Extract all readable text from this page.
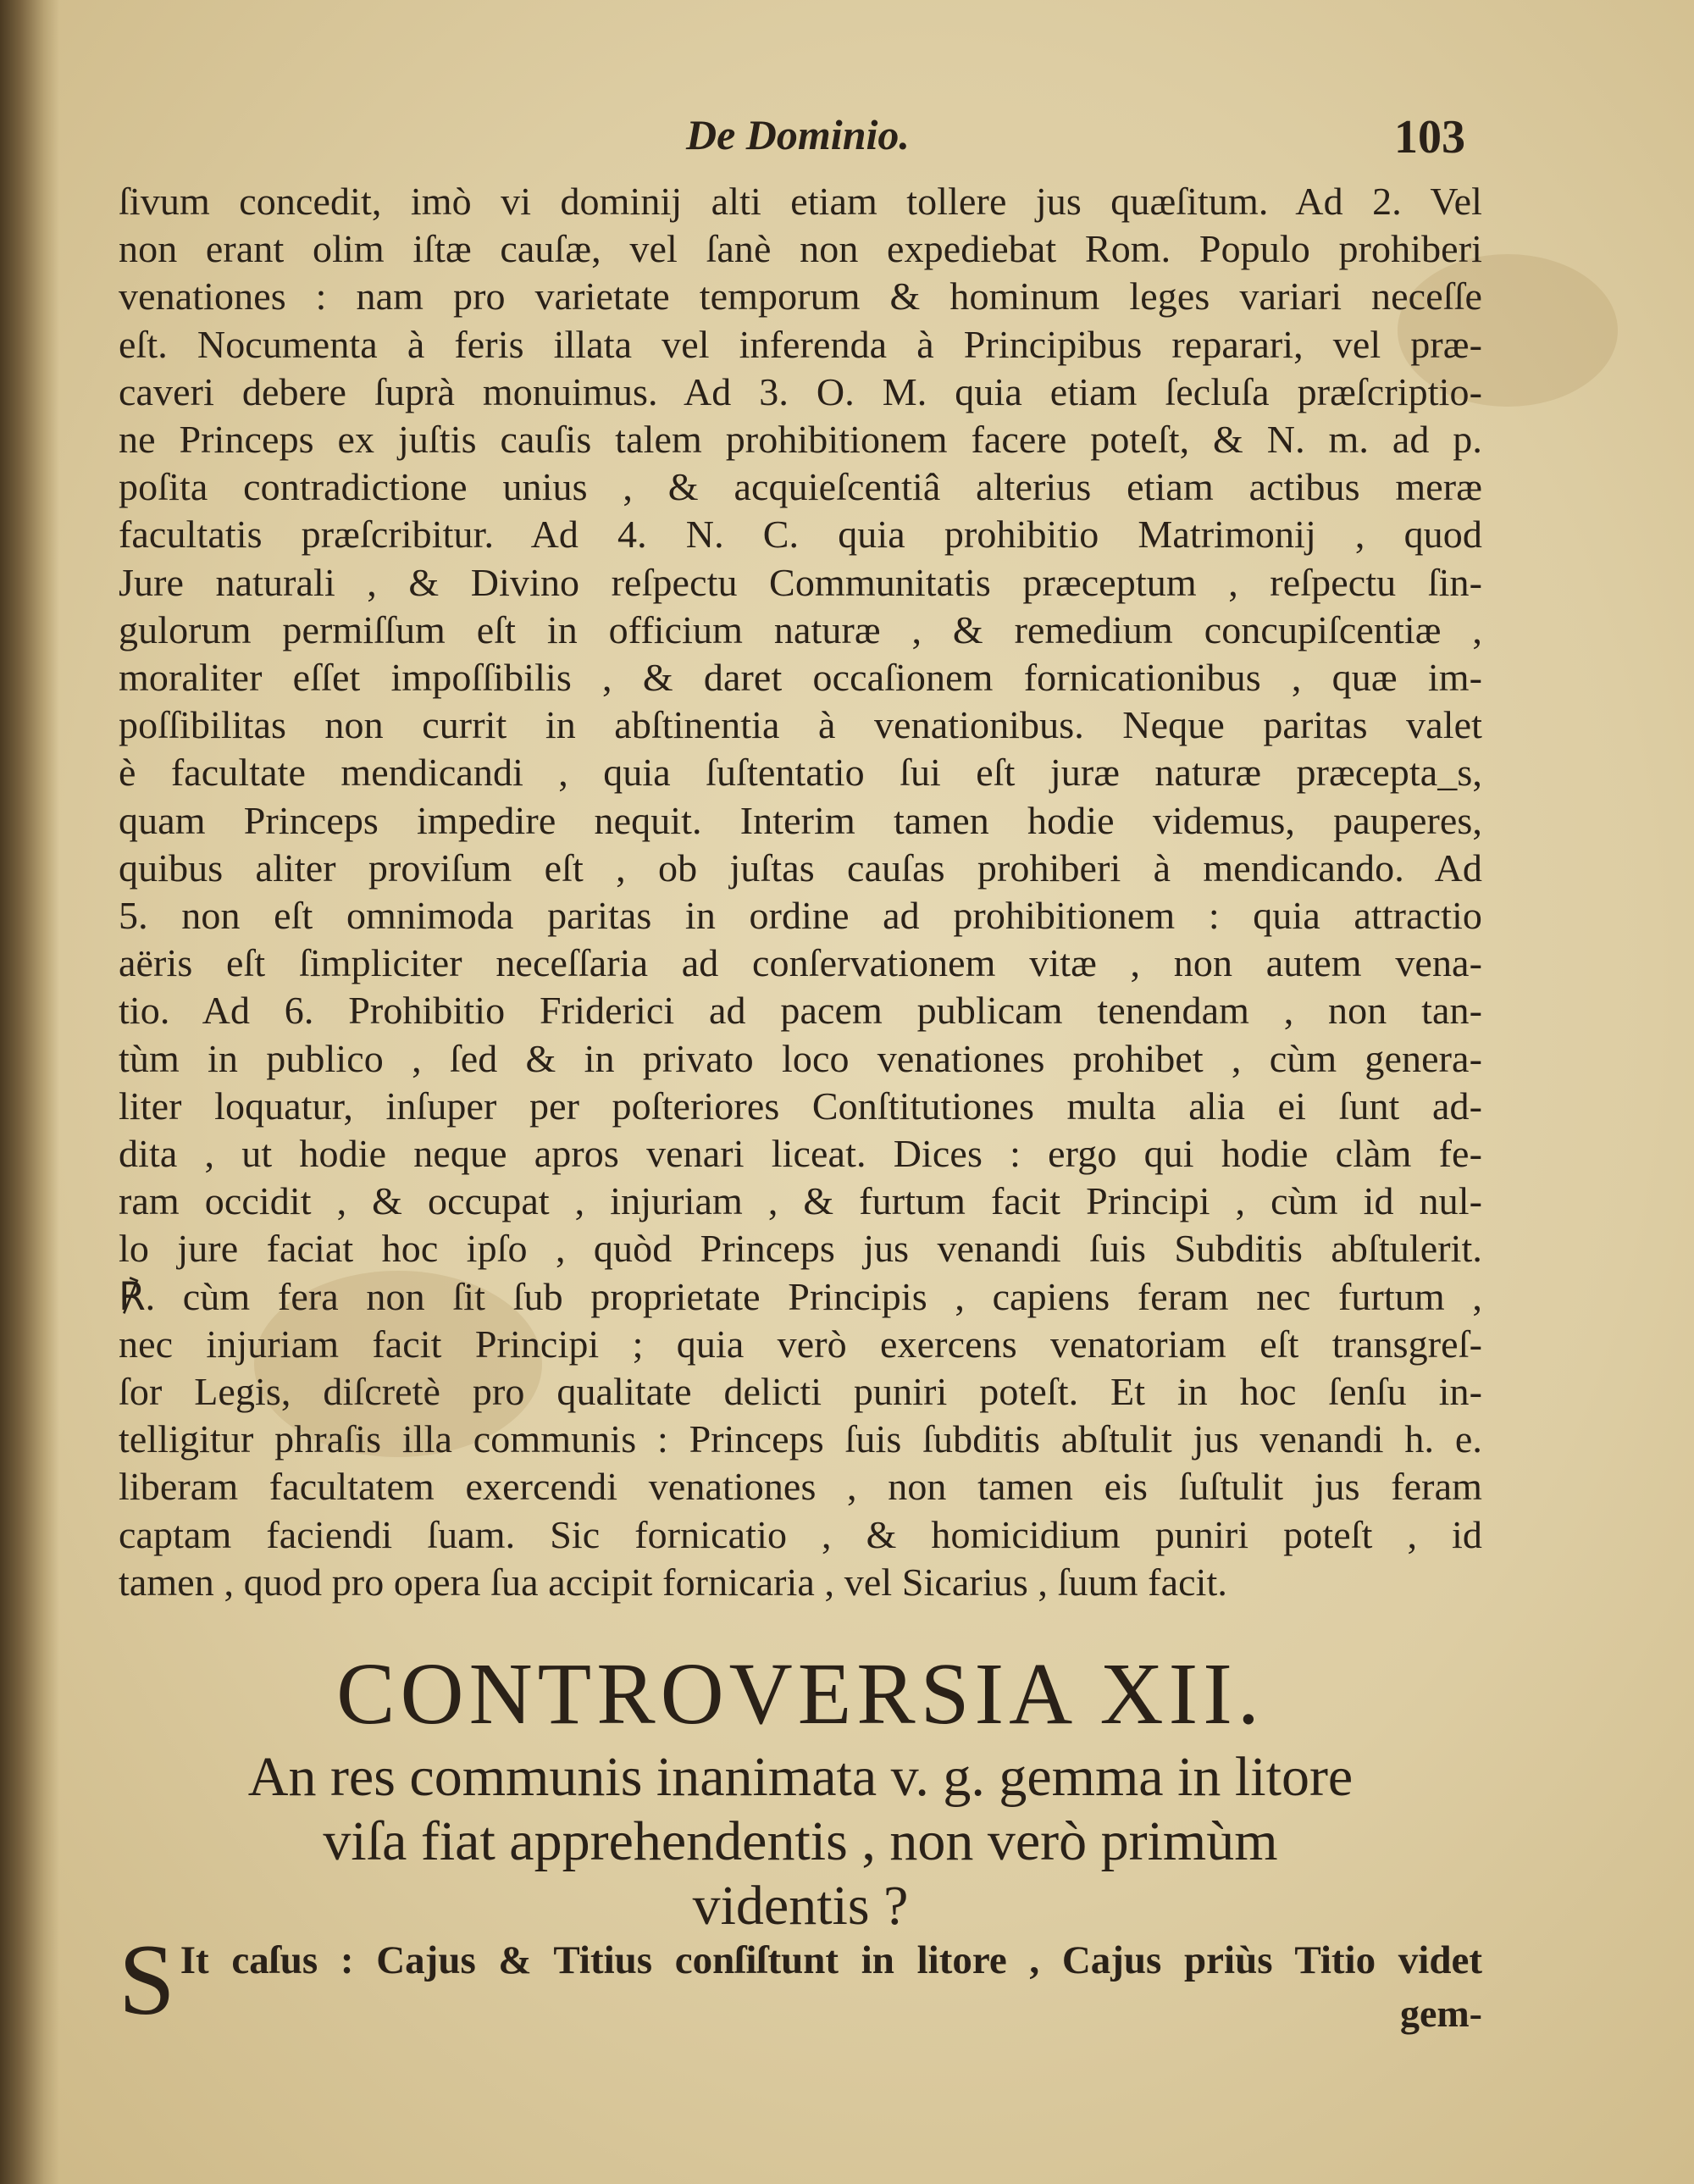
De Dominio.	103
ſivum concedit, imò vi dominij alti etiam tollere jus quæſitum. Ad 2. Vel
non erant olim iſtæ cauſæ, vel ſanè non expediebat Rom. Populo prohiberi
venationes : nam pro varietate temporum & hominum leges variari neceſſe
eſt. Nocumenta à feris illata vel inferenda à Principibus reparari, vel præ-
caveri debere ſuprà monuimus. Ad 3. O. M. quia etiam ſecluſa præſcriptio-
ne Princeps ex juſtis cauſis talem prohibitionem facere poteſt, & N. m. ad p.
poſita contradictione unius , & acquieſcentiâ alterius etiam actibus meræ
facultatis præſcribitur. Ad 4. N. C. quia prohibitio Matrimonij , quod
Jure naturali , & Divino reſpectu Communitatis præceptum , reſpectu ſin-
gulorum permiſſum eſt in officium naturæ , & remedium concupiſcentiæ ,
moraliter eſſet impoſſibilis , & daret occaſionem fornicationibus , quæ im-
poſſibilitas non currit in abſtinentia à venationibus. Neque paritas valet
è facultate mendicandi , quia ſuſtentatio ſui eſt juræ naturæ præcepta_s,
quam Princeps impedire nequit. Interim tamen hodie videmus, pauperes,
quibus aliter proviſum eſt , ob juſtas cauſas prohiberi à mendicando. Ad
5. non eſt omnimoda paritas in ordine ad prohibitionem : quia attractio
aëris eſt ſimpliciter neceſſaria ad conſervationem vitæ , non autem vena-
tio. Ad 6. Prohibitio Friderici ad pacem publicam tenendam , non tan-
tùm in publico , ſed & in privato loco venationes prohibet , cùm genera-
liter loquatur, inſuper per poſteriores Conſtitutiones multa alia ei ſunt ad-
dita , ut hodie neque apros venari liceat. Dices : ergo qui hodie clàm fe-
ram occidit , & occupat , injuriam , & furtum facit Principi , cùm id nul-
lo jure faciat hoc ipſo , quòd Princeps jus venandi ſuis Subditis abſtulerit.
℟. cùm fera non ſit ſub proprietate Principis , capiens feram nec furtum ,
nec injuriam facit Principi ; quia verò exercens venatoriam eſt transgreſ-
ſor Legis, diſcretè pro qualitate delicti puniri poteſt. Et in hoc ſenſu in-
telligitur phraſis illa communis : Princeps ſuis ſubditis abſtulit jus venandi h. e.
liberam facultatem exercendi venationes , non tamen eis ſuſtulit jus feram
captam faciendi ſuam. Sic fornicatio , & homicidium puniri poteſt , id
tamen , quod pro opera ſua accipit fornicaria , vel Sicarius , ſuum facit.
CONTROVERSIA XII.
An res communis inanimata v. g. gemma in litore
viſa fiat apprehendentis , non verò primùm
videntis ?
S It caſus : Cajus & Titius conſiſtunt in litore , Cajus priùs Titio videt
gem-
